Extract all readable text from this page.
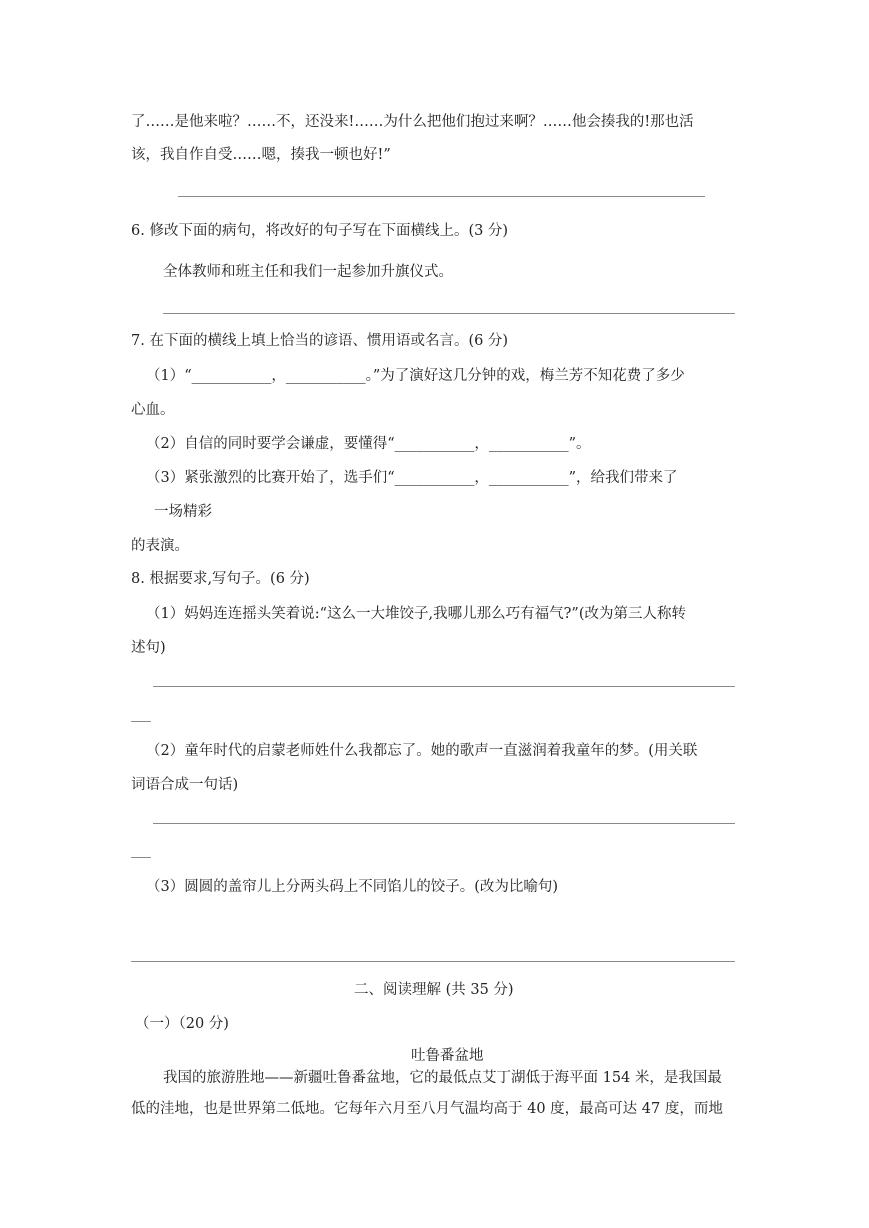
了……是他来啦？……不，还没来!……为什么把他们抱过来啊？……他会揍我的!那也活

该，我自作自受……嗯，揍我一顿也好!”

6. 修改下面的病句，将改好的句子写在下面横线上。(3 分)

全体教师和班主任和我们一起参加升旗仪式。

7. 在下面的横线上填上恰当的谚语、惯用语或名言。(6 分)

（1）“___________，___________。”为了演好这几分钟的戏，梅兰芳不知花费了多少

心血。

（2）自信的同时要学会谦虚，要懂得“___________，___________”。

（3）紧张激烈的比赛开始了，选手们“___________，___________”，给我们带来了

一场精彩

的表演。

8. 根据要求,写句子。(6 分)

（1）妈妈连连摇头笑着说:“这么一大堆饺子,我哪儿那么巧有福气?”(改为第三人称转

述句)

（2）童年时代的启蒙老师姓什么我都忘了。她的歌声一直滋润着我童年的梦。(用关联

词语合成一句话)

（3）圆圆的盖帘儿上分两头码上不同馅儿的饺子。(改为比喻句)

二、阅读理解 (共 35 分)

（一）（20 分)

吐鲁番盆地

我国的旅游胜地——新疆吐鲁番盆地，它的最低点艾丁湖低于海平面 154 米，是我国最

低的洼地，也是世界第二低地。它每年六月至八月气温均高于 40 度，最高可达 47 度，而地
